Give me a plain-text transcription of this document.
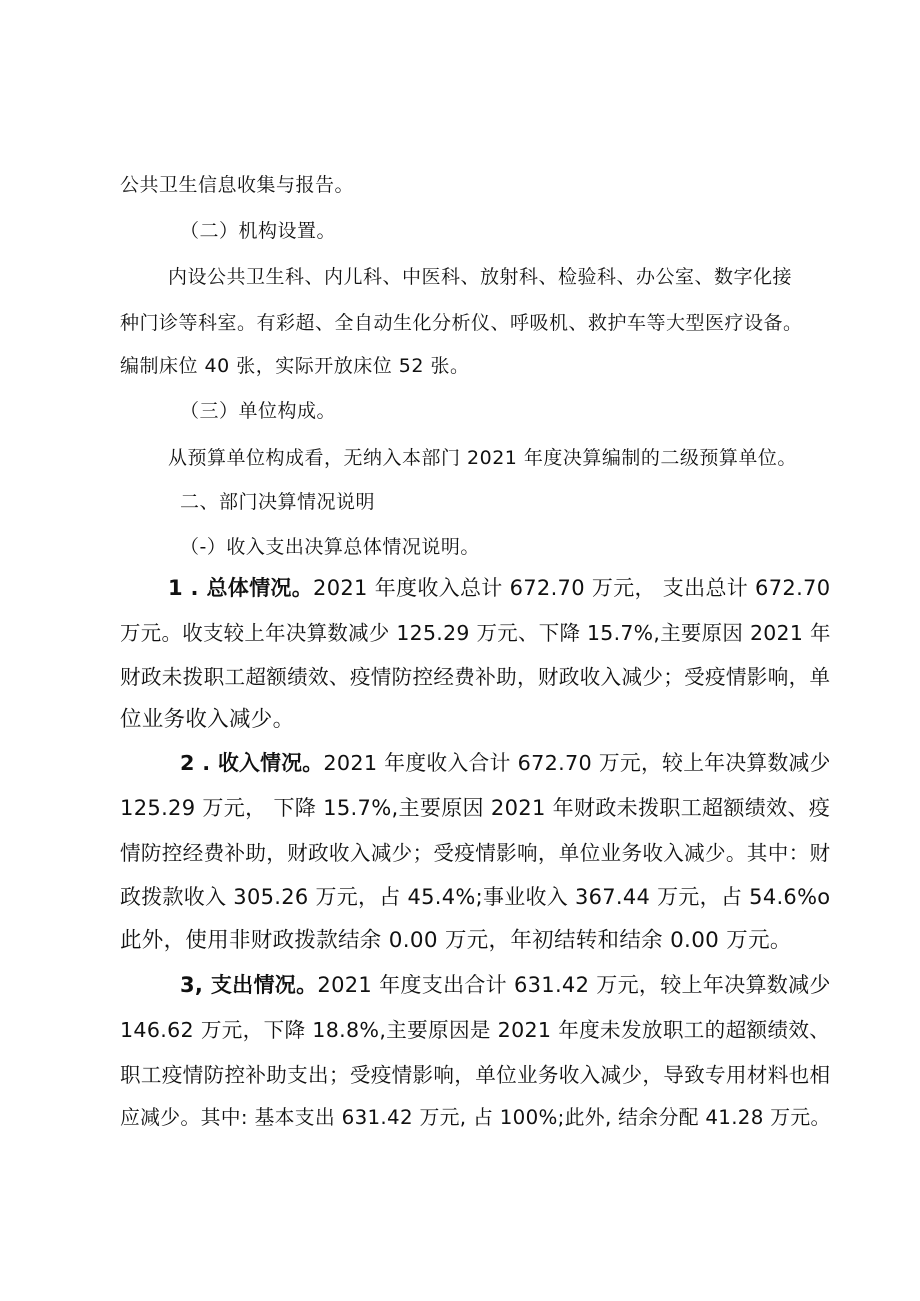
公共卫生信息收集与报告。
（二）机构设置。
内设公共卫生科、内儿科、中医科、放射科、检验科、办公室、数字化接
种门诊等科室。有彩超、全自动生化分析仪、呼吸机、救护车等大型医疗设备。
编制床位 40 张，实际开放床位 52 张。
（三）单位构成。
从预算单位构成看，无纳入本部门 2021 年度决算编制的二级预算单位。
二、部门决算情况说明
（-）收入支出决算总体情况说明。
1 . 总体情况。2021 年度收入总计 672.70 万元， 支出总计 672.70
万元。收支较上年决算数减少 125.29 万元、下降 15.7%,主要原因 2021 年
财政未拨职工超额绩效、疫情防控经费补助，财政收入减少；受疫情影响，单
位业务收入减少。
2 . 收入情况。2021 年度收入合计 672.70 万元，较上年决算数减少
125.29 万元， 下降 15.7%,主要原因 2021 年财政未拨职工超额绩效、疫
情防控经费补助，财政收入减少；受疫情影响，单位业务收入减少。其中：财
政拨款收入 305.26 万元，占 45.4%;事业收入 367.44 万元，占 54.6%o
此外，使用非财政拨款结余 0.00 万元，年初结转和结余 0.00 万元。
3, 支出情况。2021 年度支出合计 631.42 万元，较上年决算数减少
146.62 万元，下降 18.8%,主要原因是 2021 年度未发放职工的超额绩效、
职工疫情防控补助支出；受疫情影响，单位业务收入减少，导致专用材料也相
应减少。其中: 基本支出 631.42 万元, 占 100%;此外, 结余分配 41.28 万元。
